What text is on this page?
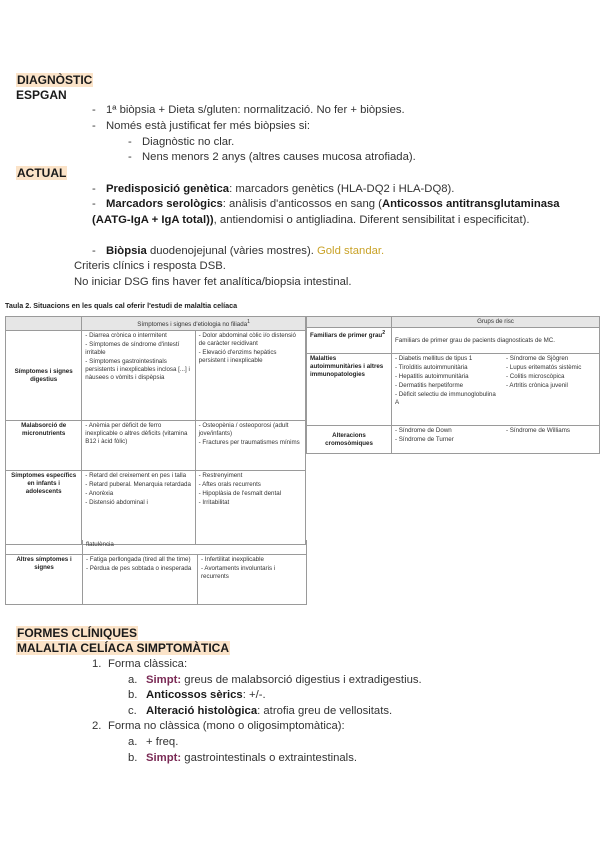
DIAGNÒSTIC
ESPGAN
- 1ª biòpsia + Dieta s/gluten: normalització. No fer + biòpsies.
- Només està justificat fer més biòpsies si:
- Diagnòstic no clar.
- Nens menors 2 anys (altres causes mucosa atrofiada).
ACTUAL
- Predisposició genètica: marcadors genètics (HLA-DQ2 i HLA-DQ8).
- Marcadors serològics: anàlisis d'anticossos en sang (Anticossos antitransglutaminasa (AATG-IgA + IgA total)), antiendomisi o antigliadina. Diferent sensibilitat i especificitat).
- Biòpsia duodenojejunal (vàries mostres). Gold standar.
Criteris clínics i resposta DSB.
No iniciar DSG fins haver fet analítica/biopsia intestinal.
Taula 2. Situacions en les quals cal oferir l'estudi de malaltia celíaca
	Símptomes i signes d'etiologia no filiada$^1$
Símptomes i signes digestius	- Diarrea crònica o intermitent
- Símptomes de síndrome d'intestí irritable
- Símptomes gastrointestinals persistents i inexplicables inclosa [...] i nàusees o vòmits i dispèpsia	- Dolor abdominal còlic i/o distensió de caràcter recidivant
- Elevació d'enzims hepàtics persistent i inexplicable

Malabsorció de micronutrients	- Anèmia per dèficit de ferro inexplicable o altres dèficits (vitamina B12 i àcid fòlic)	- Osteopènia / osteoporosi (adult jove/infants)
- Fractures per traumatismes mínims

Símptomes específics en infants i adolescents	- Retard del creixement en pes i talla
- Retard puberal. Menarquia retardada
- Anorèxia
- Distensió abdominal i	- Restrenyiment
- Aftes orals recurrents
- Hipoplàsia de l'esmalt dental
- Irritabilitat
	Grups de risc	
Familiars de primer grau$^2$	Familiars de primer grau de pacients diagnosticats de MC.	
Malalties autoimmunitàries i altres immunopatologies	- Diabetis mellitus de tipus 1
- Tiroïditis autoimmunitària
- Hepatitis autoimmunitària
- Dermatitis herpetiforme
- Dèficit selectiu de immunoglobulina A	- Síndrome de Sjögren
- Lupus eritematós sistèmic
- Colitis microscòpica
- Artritis crònica juvenil

Alteracions cromosòmiques	- Síndrome de Down
- Síndrome de Turner	- Síndrome de Williams
	flatulència	
Altres símptomes i signes	- Fatiga perllongada (tired all the time)
- Pèrdua de pes sobtada o inesperada	- Infertilitat inexplicable
- Avortaments involuntaris i recurrents
FORMES CLÍNIQUES
MALALTIA CELÍACA SIMPTOMÀTICA
1. Forma clàssica:
a. Simpt: greus de malabsorció digestius i extradigestius.
b. Anticossos sèrics: +/-.
c. Alteració histològica: atrofia greu de vellositats.
2. Forma no clàssica (mono o oligosimptomàtica):
a. + freq.
b. Simpt: gastrointestinals o extraintestinals.
